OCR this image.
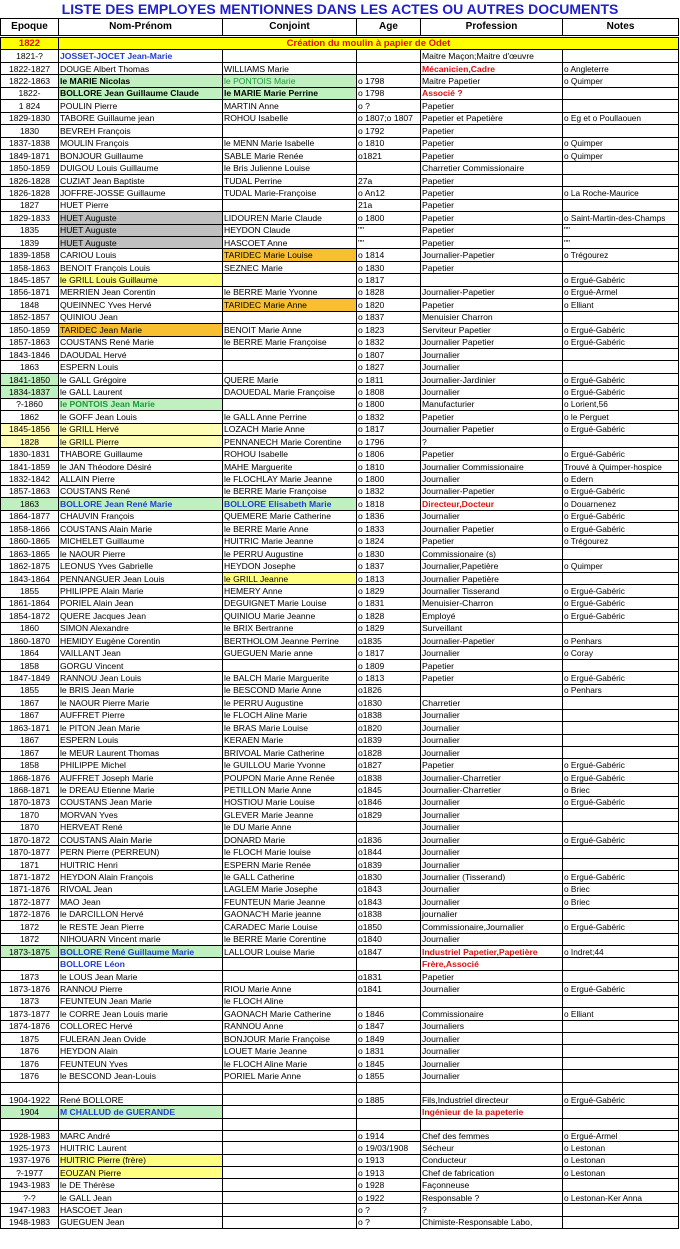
LISTE DES EMPLOYES MENTIONNES DANS LES ACTES OU AUTRES DOCUMENTS
Epoque	Nom-Prénom	Conjoint	Age	Profession	Notes
1822	Création du moulin à papier de Odet				
1821-?	JOSSET-JOCET Jean-Marie			Maitre Maçon;Maitre d'œuvre	
1822-1827	DOUGE Albert Thomas	WILLIAMS Marie		Mécanicien,Cadre	o Angleterre
1822-1863	le MARIE Nicolas	le PONTOIS Marie	o 1798	Maitre Papetier	o Quimper
1822-	BOLLORE Jean Guillaume Claude	le MARIE Marie Perrine	o 1798	Associé ?	
1 824	POULIN Pierre	MARTIN Anne	o ?	Papetier	
1829-1830	TABORE Guillaume jean	ROHOU Isabelle	o 1807;o 1807	Papetier et Papetière	o Eg et o Poullaouen
1830	BEVREH François		o 1792	Papetier	
1837-1838	MOULIN François	le MENN Marie Isabelle	o 1810	Papetier	o Quimper
1849-1871	BONJOUR Guillaume	SABLE Marie Renée	o1821	Papetier	o Quimper
1850-1859	DUIGOU Louis Guillaume	le Bris Julienne Louise		Charretier Commissionaire	
1826-1828	CUZIAT Jean Baptiste	TUDAL Perrine	27a	Papetier	
1826-1828	JOFFRE-JOSSE Guillaume	TUDAL Marie-Françoise	o An12	Papetier	o La Roche-Maurice
1827	HUET Pierre		21a	Papetier	
1829-1833	HUET Auguste	LIDOUREN Marie Claude	o 1800	Papetier	o Saint-Martin-des-Champs
1835	HUET Auguste	HEYDON Claude	""	Papetier	""
1839	HUET Auguste	HASCOET Anne	""	Papetier	""
1839-1858	CARIOU Louis	TARIDEC Marie Louise	o 1814	Journalier-Papetier	o Trégourez
1858-1863	BENOIT François Louis	SEZNEC Marie	o 1830	Papetier	
1845-1857	le GRILL Louis Guillaume		o 1817		o Ergué-Gabéric
1856-1871	MERRIEN Jean Corentin	le BERRE Marie Yvonne	o 1828	Journalier-Papetier	o Ergué-Armel
1848	QUEINNEC Yves Hervé	TARIDEC Marie Anne	o 1820	Papetier	o Elliant
1852-1857	QUINIOU Jean		o 1837	Menuisier Charron	
1850-1859	TARIDEC Jean Marie	BENOIT Marie Anne	o 1823	Serviteur Papetier	o Ergué-Gabéric
1857-1863	COUSTANS René Marie	le BERRE Marie Françoise	o 1832	Journalier Papetier	o Ergué-Gabéric
1843-1846	DAOUDAL Hervé		o 1807	Journalier	
1863	ESPERN Louis		o 1827	Journalier	
1841-1850	le GALL Grégoire	QUERE Marie	o 1811	Journalier-Jardinier	o Ergué-Gabéric
1834-1837	le GALL Laurent	DAOUEDAL Marie Françoise	o 1808	Journalier	o Ergué-Gabéric
?-1860	le PONTOIS Jean Marie		o 1800	Manufacturier	o Lorient,56
1862	le GOFF Jean Louis	le GALL Anne Perrine	o 1832	Papetier	o le Perguet
1845-1856	le GRILL Hervé	LOZACH Marie Anne	o 1817	Journalier Papetier	o Ergué-Gabéric
1828	le GRILL Pierre	PENNANECH Marie Corentine	o 1796	?	
1830-1831	THABORE Guillaume	ROHOU Isabelle	o 1806	Papetier	o Ergué-Gabéric
1841-1859	le JAN Théodore Désiré	MAHE Marguerite	o 1810	Journalier Commissionaire	Trouvé à Quimper-hospice
1832-1842	ALLAIN Pierre	le FLOCHLAY Marie Jeanne	o 1800	Journalier	o Edern
1857-1863	COUSTANS René	le BERRE Marie Françoise	o 1832	Journalier-Papetier	o Ergué-Gabéric
1863	BOLLORE Jean René Marie	BOLLORE Elisabeth Marie	o 1818	Directeur,Docteur	o Douarnenez
1864-1877	CHAUVIN François	QUEMERE Marie Catherine	o 1836	Journalier	o Ergué-Gabéric
1858-1866	COUSTANS Alain Marie	le BERRE Marie Anne	o 1833	Journalier Papetier	o Ergué-Gabéric
1860-1865	MICHELET Guillaume	HUITRIC Marie Jeanne	o 1824	Papetier	o Trégourez
1863-1865	le NAOUR Pierre	le PERRU Augustine	o 1830	Commissionaire (s)	
1862-1875	LEONUS Yves Gabrielle	HEYDON Josephe	o 1837	Journalier,Papetière	o Quimper
1843-1864	PENNANGUER Jean Louis	le GRILL Jeanne	o 1813	Journalier Papetière	
1855	PHILIPPE Alain Marie	HEMERY Anne	o 1829	Journalier Tisserand	o Ergué-Gabéric
1861-1864	PORIEL Alain Jean	DEGUIGNET Marie Louise	o 1831	Menuisier-Charron	o Ergué-Gabéric
1854-1872	QUERE Jacques Jean	QUINIOU Marie Jeanne	o 1828	Employé	o Ergué-Gabéric
1860	SIMON Alexandre	le BRIX Bertranne	o 1829	Surveillant	
1860-1870	HEMIDY Eugène Corentin	BERTHOLOM Jeanne Perrine	o1835	Journalier-Papetier	o Penhars
1864	VAILLANT Jean	GUEGUEN Marie anne	o 1817	Journalier	o Coray
1858	GORGU Vincent		o 1809	Papetier	
1847-1849	RANNOU Jean Louis	le BALCH Marie Marguerite	o 1813	Papetier	o Ergué-Gabéric
1855	le BRIS Jean Marie	le BESCOND Marie Anne	o1826		o Penhars
1867	le NAOUR Pierre Marie	le PERRU Augustine	o1830	Charretier	
1867	AUFFRET Pierre	le FLOCH Aline Marie	o1838	Journalier	
1863-1871	le PITON Jean Marie	le BRAS Marie Louise	o1820	Journalier	
1867	ESPERN Louis	KERAEN Marie	o1839	Journalier	
1867	le MEUR Laurent Thomas	BRIVOAL Marie Catherine	o1828	Journalier	
1858	PHILIPPE Michel	le GUILLOU Marie Yvonne	o1827	Papetier	o Ergué-Gabéric
1868-1876	AUFFRET Joseph Marie	POUPON Marie Anne Renée	o1838	Journalier-Charretier	o Ergué-Gabéric
1868-1871	le DREAU Etienne Marie	PETILLON Marie Anne	o1845	Journalier-Charretier	o Briec
1870-1873	COUSTANS Jean Marie	HOSTIOU Marie Louise	o1846	Journalier	o Ergué-Gabéric
1870	MORVAN Yves	GLEVER Marie Jeanne	o1829	Journalier	
1870	HERVEAT René	le DU Marie Anne		Journalier	
1870-1872	COUSTANS Alain Marie	DONARD Marie	o1836	Journalier	o Ergué-Gabéric
1870-1877	PERN Pierre (PERREUN)	le FLOCH Marie louise	o1844	Journalier	
1871	HUITRIC Henri	ESPERN Marie Renée	o1839	Journalier	
1871-1872	HEYDON Alain François	le GALL Catherine	o1830	Journalier (Tisserand)	o Ergué-Gabéric
1871-1876	RIVOAL Jean	LAGLEM Marie Josephe	o1843	Journalier	o Briec
1872-1877	MAO Jean	FEUNTEUN Marie Jeanne	o1843	Journalier	o Briec
1872-1876	le DARCILLON Hervé	GAONAC'H Marie jeanne	o1838	journalier	
1872	le RESTE Jean Pierre	CARADEC Marie Louise	o1850	Commissionaire,Journalier	o Ergué-Gabéric
1872	NIHOUARN Vincent marie	le BERRE Marie Corentine	o1840	Journalier	
1873-1875	BOLLORE René Guillaume Marie	LALLOUR Louise Marie	o1847	Industriel Papetier,Papetière	o Indret;44
	BOLLORE Léon			Frère,Associé	
1873	le LOUS Jean Marie		o1831	Papetier	
1873-1876	RANNOU Pierre	RIOU Marie Anne	o1841	Journalier	o Ergué-Gabéric
1873	FEUNTEUN Jean Marie	le FLOCH Aline			
1873-1877	le CORRE Jean Louis marie	GAONACH Marie Catherine	o 1846	Commissionaire	o Elliant
1874-1876	COLLOREC Hervé	RANNOU Anne	o 1847	Journaliers	
1875	FULERAN Jean Ovide	BONJOUR Marie Françoise	o 1849	Journalier	
1876	HEYDON Alain	LOUET Marie Jeanne	o 1831	Journalier	
1876	FEUNTEUN Yves	le FLOCH Aline Marie	o 1845	Journalier	
1876	le BESCOND Jean-Louis	PORIEL Marie Anne	o 1855	Journalier	

1904-1922	René BOLLORE		o 1885	Fils,Industriel directeur	o Ergué-Gabéric
1904	M CHALLUD de GUERANDE			Ingénieur de la papeterie	

1928-1983	MARC André		o 1914	Chef des femmes	o Ergué-Armel
1925-1973	HUITRIC Laurent		o 19/03/1908	Sécheur	o Lestonan
1937-1976	HUITRIC Pierre (frère)		o 1913	Conducteur	o Lestonan
?-1977	EOUZAN Pierre		o 1913	Chef de fabrication	o Lestonan
1943-1983	le DE Thérèse		o 1928	Façonneuse	
?-?	le GALL Jean		o 1922	Responsable ?	o Lestonan-Ker Anna
1947-1983	HASCOET Jean		o ?	?	
1948-1983	GUEGUEN Jean		o ?	Chimiste-Responsable Labo,	
